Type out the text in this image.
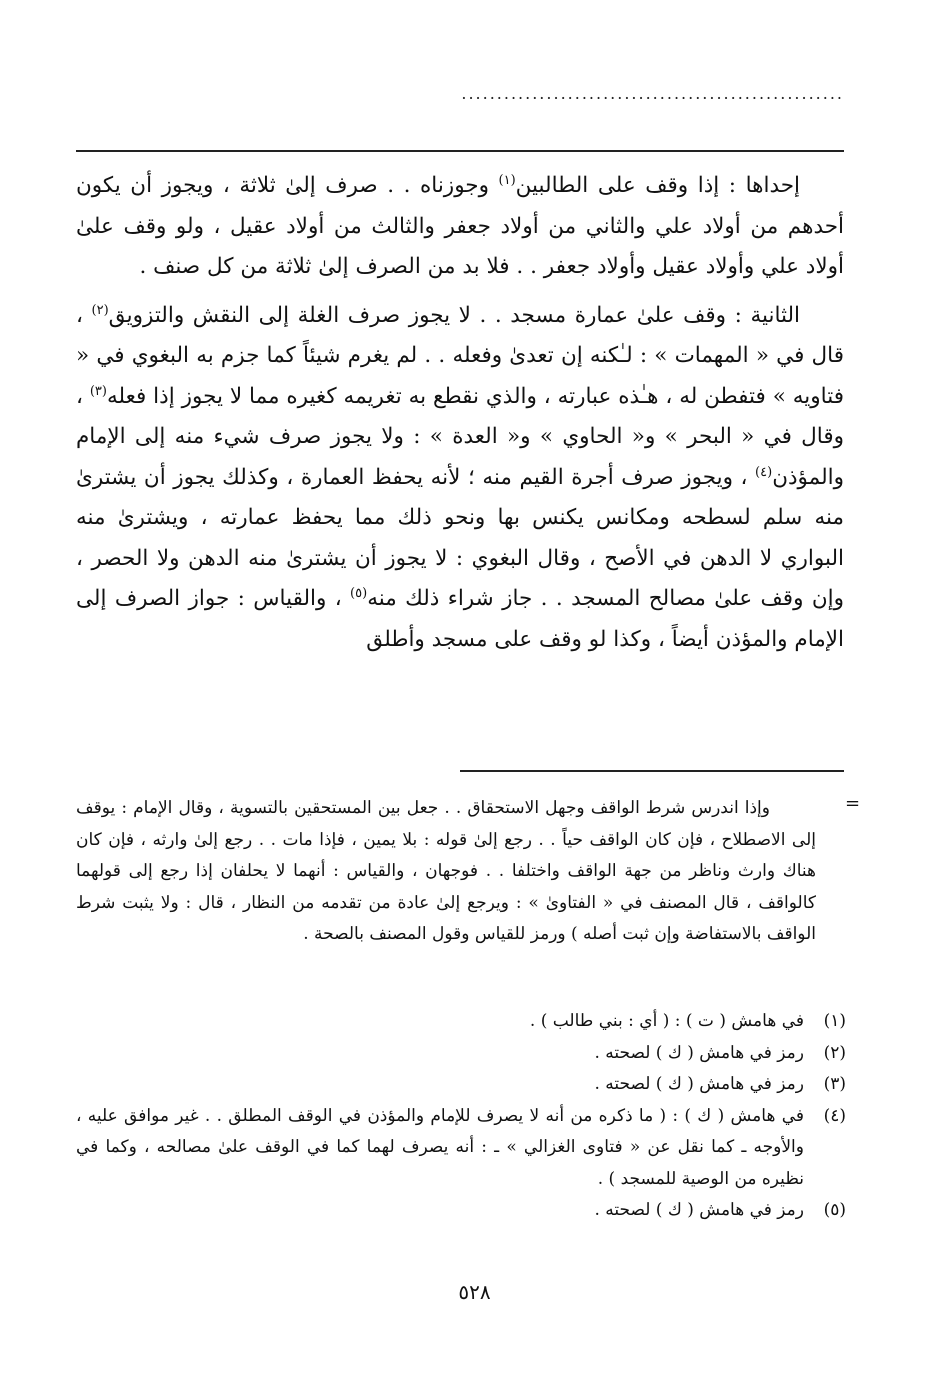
......................................................

إحداها : إذا وقف على الطالبين$^{(١)}$ وجوزناه . . صرف إلىٰ ثلاثة ، ويجوز أن يكون أحدهم من أولاد علي والثاني من أولاد جعفر والثالث من أولاد عقيل ، ولو وقف علىٰ أولاد علي وأولاد عقيل وأولاد جعفر . . فلا بد من الصرف إلىٰ ثلاثة من كل صنف .

الثانية : وقف علىٰ عمارة مسجد . . لا يجوز صرف الغلة إلى النقش والتزويق$^{(٢)}$ ، قال في « المهمات » : لـٰكنه إن تعدىٰ وفعله . . لم يغرم شيئاً كما جزم به البغوي في « فتاويه » فتفطن له ، هـٰذه عبارته ، والذي نقطع به تغريمه كغيره مما لا يجوز إذا فعله$^{(٣)}$ ، وقال في « البحر » و« الحاوي » و« العدة » : ولا يجوز صرف شيء منه إلى الإمام والمؤذن$^{(٤)}$ ، ويجوز صرف أجرة القيم منه ؛ لأنه يحفظ العمارة ، وكذلك يجوز أن يشترىٰ منه سلم لسطحه ومكانس يكنس بها ونحو ذلك مما يحفظ عمارته ، ويشترىٰ منه البواري لا الدهن في الأصح ، وقال البغوي : لا يجوز أن يشترىٰ منه الدهن ولا الحصر ، وإن وقف علىٰ مصالح المسجد . . جاز شراء ذلك منه$^{(٥)}$ ، والقياس : جواز الصرف إلى الإمام والمؤذن أيضاً ، وكذا لو وقف على مسجد وأطلق

=
وإذا اندرس شرط الواقف وجهل الاستحقاق . . جعل بين المستحقين بالتسوية ، وقال الإمام : يوقف إلى الاصطلاح ، فإن كان الواقف حياً . . رجع إلىٰ قوله : بلا يمين ، فإذا مات . . رجع إلىٰ وارثه ، فإن كان هناك وارث وناظر من جهة الواقف واختلفا . . فوجهان ، والقياس : أنهما لا يحلفان إذا رجع إلى قولهما كالواقف ، قال المصنف في « الفتاوىٰ » : ويرجع إلىٰ عادة من تقدمه من النظار ، قال : ولا يثبت شرط الواقف بالاستفاضة وإن ثبت أصله ) ورمز للقياس وقول المصنف بالصحة .
(١)
في هامش ( ت ) : ( أي : بني طالب ) .
(٢)
رمز في هامش ( ك ) لصحته .
(٣)
رمز في هامش ( ك ) لصحته .
(٤)
في هامش ( ك ) : ( ما ذكره من أنه لا يصرف للإمام والمؤذن في الوقف المطلق . . غير موافق عليه ، والأوجه ـ كما نقل عن « فتاوى الغزالي » ـ : أنه يصرف لهما كما في الوقف علىٰ مصالحه ، وكما في نظيره من الوصية للمسجد ) .
(٥)
رمز في هامش ( ك ) لصحته .
٥٢٨
